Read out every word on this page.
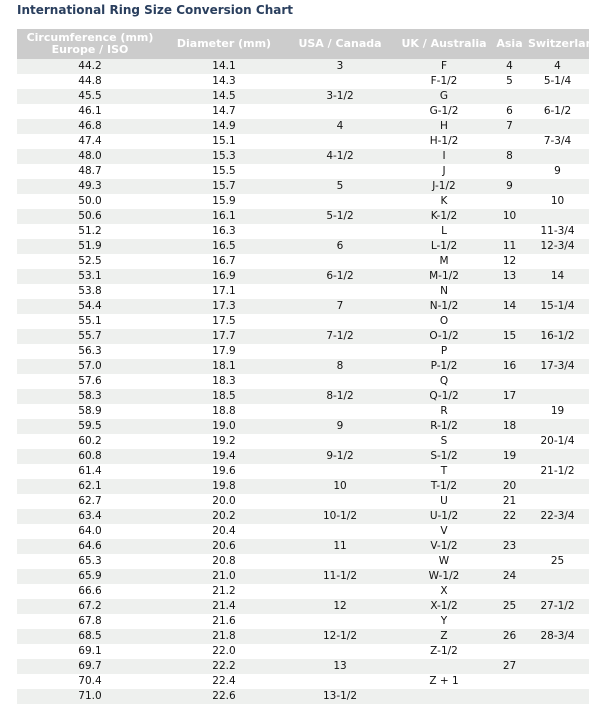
International Ring Size Conversion Chart
Circumference (mm) Europe / ISO	Diameter (mm)	USA / Canada	UK / Australia	Asia	Switzerland
44.2	14.1	3	F	4	4
44.8	14.3		F-1/2	5	5-1/4
45.5	14.5	3-1/2	G		
46.1	14.7		G-1/2	6	6-1/2
46.8	14.9	4	H	7	
47.4	15.1		H-1/2		7-3/4
48.0	15.3	4-1/2	I	8	
48.7	15.5		J		9
49.3	15.7	5	J-1/2	9	
50.0	15.9		K		10
50.6	16.1	5-1/2	K-1/2	10	
51.2	16.3		L		11-3/4
51.9	16.5	6	L-1/2	11	12-3/4
52.5	16.7		M	12	
53.1	16.9	6-1/2	M-1/2	13	14
53.8	17.1		N		
54.4	17.3	7	N-1/2	14	15-1/4
55.1	17.5		O		
55.7	17.7	7-1/2	O-1/2	15	16-1/2
56.3	17.9		P		
57.0	18.1	8	P-1/2	16	17-3/4
57.6	18.3		Q		
58.3	18.5	8-1/2	Q-1/2	17	
58.9	18.8		R		19
59.5	19.0	9	R-1/2	18	
60.2	19.2		S		20-1/4
60.8	19.4	9-1/2	S-1/2	19	
61.4	19.6		T		21-1/2
62.1	19.8	10	T-1/2	20	
62.7	20.0		U	21	
63.4	20.2	10-1/2	U-1/2	22	22-3/4
64.0	20.4		V		
64.6	20.6	11	V-1/2	23	
65.3	20.8		W		25
65.9	21.0	11-1/2	W-1/2	24	
66.6	21.2		X		
67.2	21.4	12	X-1/2	25	27-1/2
67.8	21.6		Y		
68.5	21.8	12-1/2	Z	26	28-3/4
69.1	22.0		Z-1/2		
69.7	22.2	13		27	
70.4	22.4		Z + 1		
71.0	22.6	13-1/2			
